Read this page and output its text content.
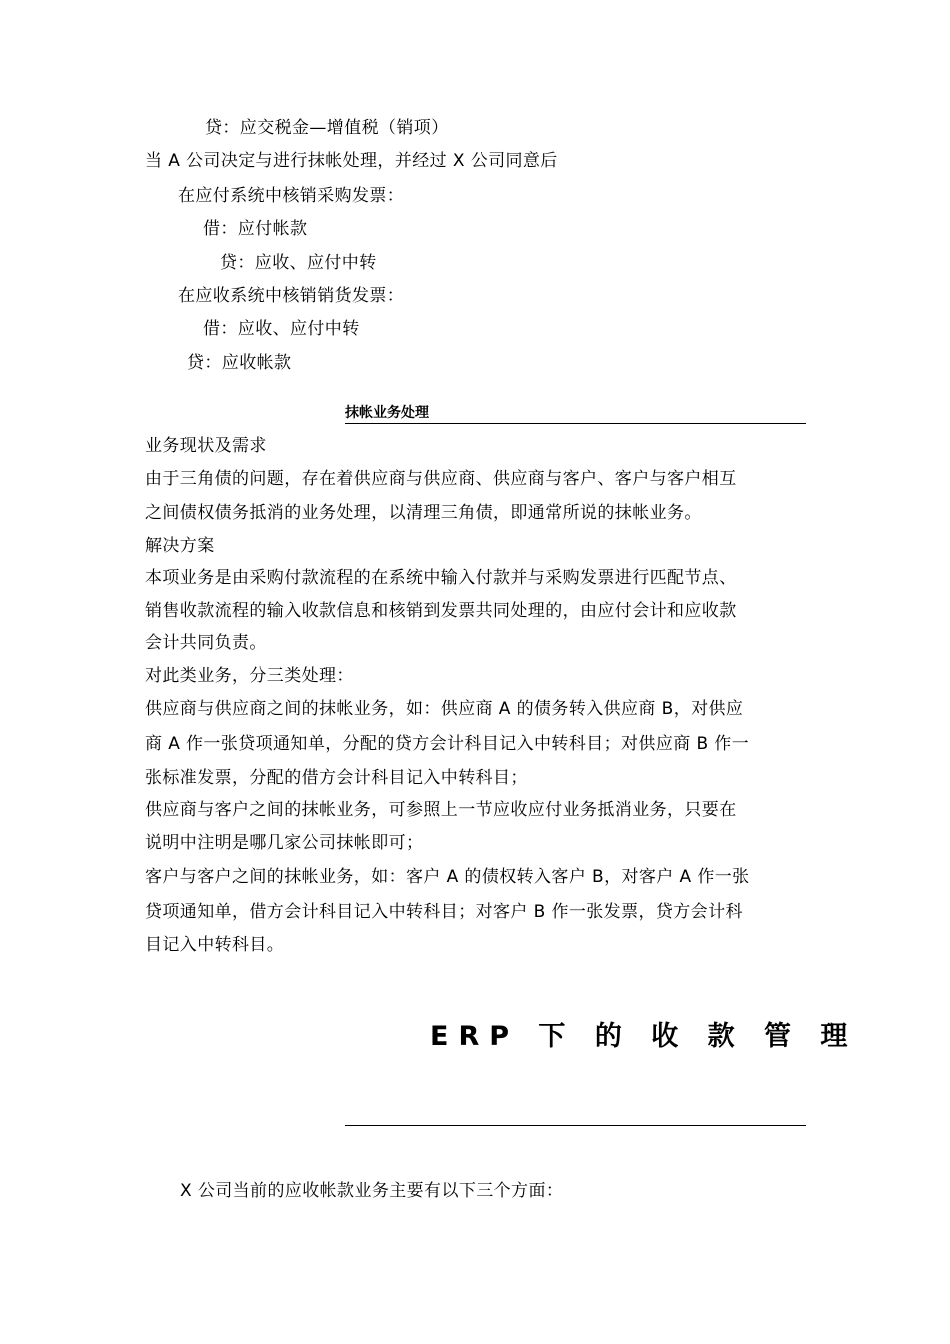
贷：应交税金—增值税（销项）
当 A 公司决定与进行抹帐处理，并经过 X 公司同意后
在应付系统中核销采购发票：
借：应付帐款
贷：应收、应付中转
在应收系统中核销销货发票：
借：应收、应付中转
贷：应收帐款
抹帐业务处理
业务现状及需求
由于三角债的问题，存在着供应商与供应商、供应商与客户、客户与客户相互
之间债权债务抵消的业务处理，以清理三角债，即通常所说的抹帐业务。
解决方案
本项业务是由采购付款流程的在系统中输入付款并与采购发票进行匹配节点、
销售收款流程的输入收款信息和核销到发票共同处理的，由应付会计和应收款
会计共同负责。
对此类业务，分三类处理：
供应商与供应商之间的抹帐业务，如：供应商 A 的债务转入供应商 B，对供应
商 A 作一张贷项通知单，分配的贷方会计科目记入中转科目；对供应商 B 作一
张标准发票，分配的借方会计科目记入中转科目；
供应商与客户之间的抹帐业务，可参照上一节应收应付业务抵消业务，只要在
说明中注明是哪几家公司抹帐即可；
客户与客户之间的抹帐业务，如：客户 A 的债权转入客户 B，对客户 A 作一张
贷项通知单，借方会计科目记入中转科目；对客户 B 作一张发票，贷方会计科
目记入中转科目。
ERP 下 的 收 款 管 理
X 公司当前的应收帐款业务主要有以下三个方面：
